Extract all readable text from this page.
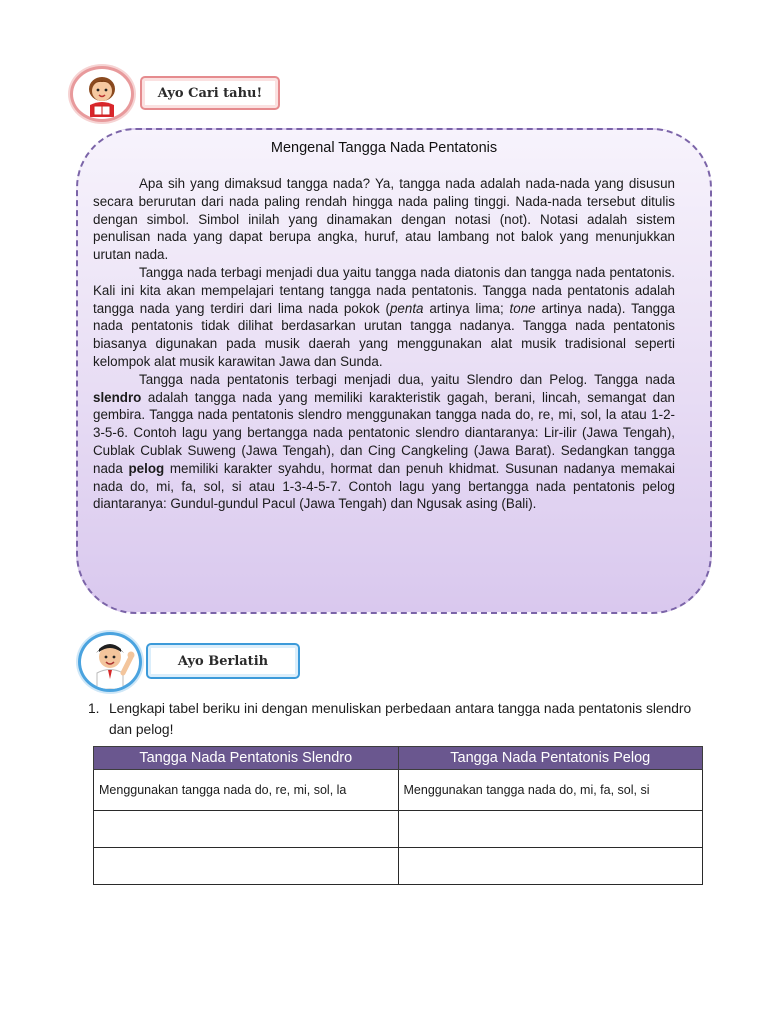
Ayo Cari tahu!
Mengenal Tangga Nada Pentatonis

Apa sih yang dimaksud tangga nada? Ya, tangga nada adalah nada-nada yang disusun secara berurutan dari nada paling rendah hingga nada paling tinggi. Nada-nada tersebut ditulis dengan simbol. Simbol inilah yang dinamakan dengan notasi (not). Notasi adalah sistem penulisan nada yang dapat berupa angka, huruf, atau lambang not balok yang menunjukkan urutan nada.

Tangga nada terbagi menjadi dua yaitu tangga nada diatonis dan tangga nada pentatonis. Kali ini kita akan mempelajari tentang tangga nada pentatonis. Tangga nada pentatonis adalah tangga nada yang terdiri dari lima nada pokok (penta artinya lima; tone artinya nada). Tangga nada pentatonis tidak dilihat berdasarkan urutan tangga nadanya. Tangga nada pentatonis biasanya digunakan pada musik daerah yang menggunakan alat musik tradisional seperti kelompok alat musik karawitan Jawa dan Sunda.

Tangga nada pentatonis terbagi menjadi dua, yaitu Slendro dan Pelog. Tangga nada slendro adalah tangga nada yang memiliki karakteristik gagah, berani, lincah, semangat dan gembira. Tangga nada pentatonis slendro menggunakan tangga nada do, re, mi, sol, la atau 1-2-3-5-6. Contoh lagu yang bertangga nada pentatonic slendro diantaranya: Lir-ilir (Jawa Tengah), Cublak Cublak Suweng (Jawa Tengah), dan Cing Cangkeling (Jawa Barat). Sedangkan tangga nada pelog memiliki karakter syahdu, hormat dan penuh khidmat. Susunan nadanya memakai nada do, mi, fa, sol, si atau 1-3-4-5-7. Contoh lagu yang bertangga nada pentatonis pelog diantaranya: Gundul-gundul Pacul (Jawa Tengah) dan Ngusak asing (Bali).

Ayo Berlatih
1. Lengkapi tabel beriku ini dengan menuliskan perbedaan antara tangga nada pentatonis slendro dan pelog!
Tangga Nada Pentatonis Slendro	Tangga Nada Pentatonis Pelog
Menggunakan tangga nada do, re, mi, sol, la	Menggunakan tangga nada do, mi, fa, sol, si
